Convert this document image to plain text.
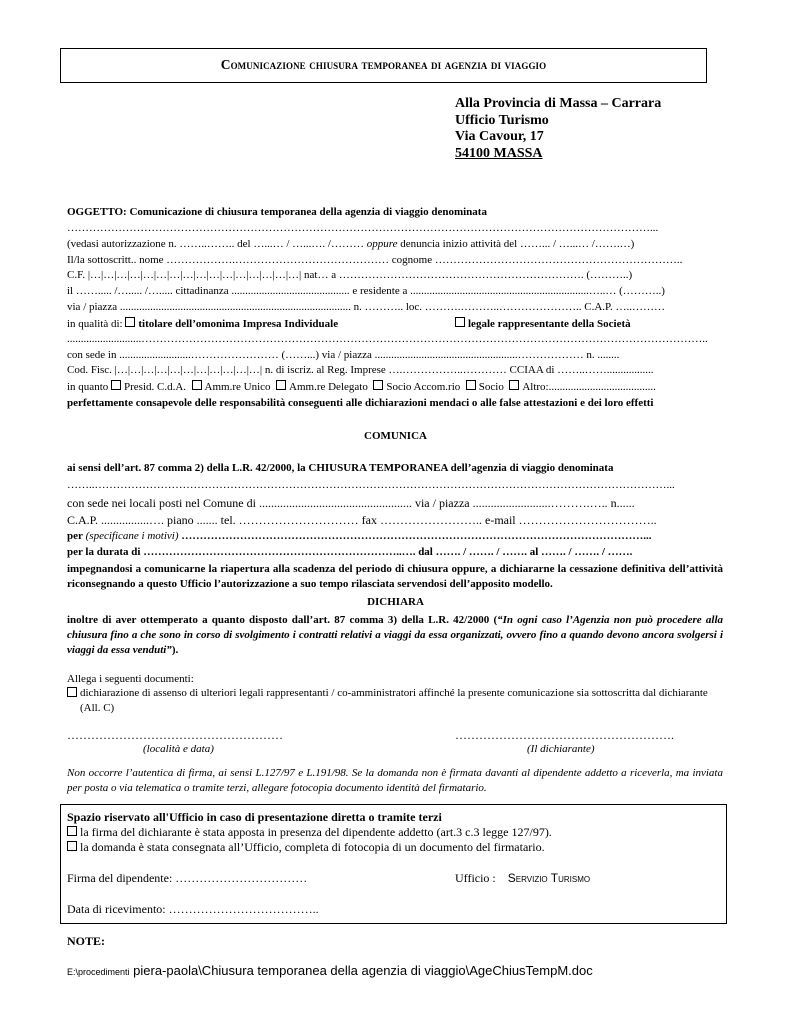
Comunicazione chiusura temporanea di agenzia di viaggio
Alla Provincia di Massa – Carrara
Ufficio Turismo
Via Cavour, 17
54100 MASSA
OGGETTO: Comunicazione di chiusura temporanea della agenzia di viaggio denominata
……………………………………………………………………………………………………………………………………………...
(vedasi autorizzazione n. ……..…….. del …...… / …...…. /……… oppure denuncia inizio attività del ……... / …...… /…….…)
Il/la sottoscritt.. nome ……………….…………………………………… cognome …………………………………………………………..
C.F. |…|…|…|…|…|…|…|…|…|…|…|…|…|…|…|…| nat… a …………………………………………………………. (………..)
il ……..... /…..... /…..... cittadinanza ........................................... e residente a .................................................................…..… (………..)
via / piazza .................................................................................... n. ……….. loc. ……….………..………………….. C.A.P. …..………
in qualità di: titolare dell’omonima Impresa Individuale	legale rappresentante della Società
...........................………………………………………………………………………………………………………………………………………..
con sede in ..........................…………………… (……...) via / piazza ....................................................……………… n. ........
Cod. Fisc. |…|…|…|…|…|…|…|…|…|…|…| n. di iscriz. al Reg. Imprese ….……………..………… CCIAA di ……..…….................
in quanto Presid. C.d.A. Amm.re Unico Amm.re Delegato Socio Accom.rio Socio Altro:.......................................
perfettamente consapevole delle responsabilità conseguenti alle dichiarazioni mendaci o alle false attestazioni e dei loro effetti
COMUNICA
ai sensi dell’art. 87 comma 2) della L.R. 42/2000, la CHIUSURA TEMPORANEA dell’agenzia di viaggio denominata
……..…………………………………………………………………………………………………………………………………………...
con sede nei locali posti nel Comune di ................................................... via / piazza ..........................……….….. n......
C.A.P. ................…. piano ....... tel. ………………………… fax …………………….. e-mail ……………………………..
per (specificane i motivi) ………………………………………………………………………………………………………………...
per la durata di ……………………………………………………………..…. dal ……. / ……. / ……. al ……. / ……. / …….
impegnandosi a comunicarne la riapertura alla scadenza del periodo di chiusura oppure, a dichiararne la cessazione definitiva dell’attività riconsegnando a questo Ufficio l’autorizzazione a suo tempo rilasciata servendosi dell’apposito modello.
DICHIARA
inoltre di aver ottemperato a quanto disposto dall’art. 87 comma 3) della L.R. 42/2000 (“In ogni caso l’Agenzia non può procedere alla chiusura fino a che sono in corso di svolgimento i contratti relativi a viaggi da essa organizzati, ovvero fino a quando devono ancora svolgersi i viaggi da essa venduti”).
Allega i seguenti documenti:
dichiarazione di assenso di ulteriori legali rappresentanti / co-amministratori affinché la presente comunicazione sia sottoscritta dal dichiarante (All. C)
………………………………………………	……………………………………………….
(località e data)	(Il dichiarante)
Non occorre l’autentica di firma, ai sensi L.127/97 e L.191/98. Se la domanda non è firmata davanti al dipendente addetto a riceverla, ma inviata per posta o via telematica o tramite terzi, allegare fotocopia documento identità del firmatario.
Spazio riservato all'Ufficio in caso di presentazione diretta o tramite terzi
la firma del dichiarante è stata apposta in presenza del dipendente addetto (art.3 c.3 legge 127/97).
la domanda è stata consegnata all’Ufficio, completa di fotocopia di un documento del firmatario.
Firma del dipendente: ……………………………	Ufficio :    Servizio Turismo
Data di ricevimento: ………………………………..
NOTE:
E:\procedimenti piera-paola\Chiusura temporanea della agenzia di viaggio\AgeChiusTempM.doc
